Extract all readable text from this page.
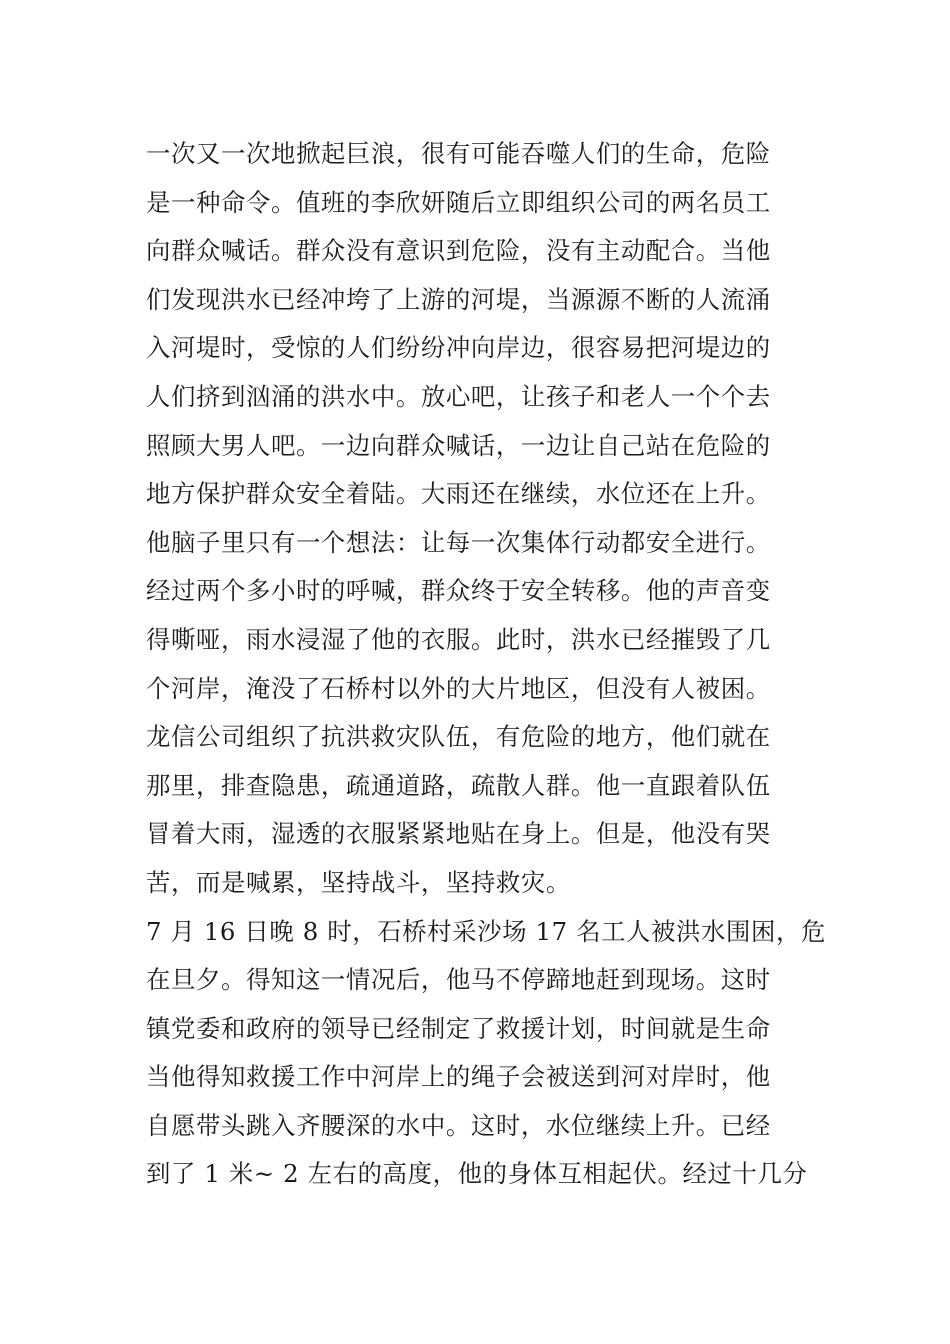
一次又一次地掀起巨浪，很有可能吞噬人们的生命，危险
是一种命令。值班的李欣妍随后立即组织公司的两名员工
向群众喊话。群众没有意识到危险，没有主动配合。当他
们发现洪水已经冲垮了上游的河堤，当源源不断的人流涌
入河堤时，受惊的人们纷纷冲向岸边，很容易把河堤边的
人们挤到汹涌的洪水中。放心吧，让孩子和老人一个个去
照顾大男人吧。一边向群众喊话，一边让自己站在危险的
地方保护群众安全着陆。大雨还在继续，水位还在上升。
他脑子里只有一个想法：让每一次集体行动都安全进行。
经过两个多小时的呼喊，群众终于安全转移。他的声音变
得嘶哑，雨水浸湿了他的衣服。此时，洪水已经摧毁了几
个河岸，淹没了石桥村以外的大片地区，但没有人被困。
龙信公司组织了抗洪救灾队伍，有危险的地方，他们就在
那里，排查隐患，疏通道路，疏散人群。他一直跟着队伍
冒着大雨，湿透的衣服紧紧地贴在身上。但是，他没有哭
苦，而是喊累，坚持战斗，坚持救灾。
7 月 16 日晚 8 时，石桥村采沙场 17 名工人被洪水围困，危
在旦夕。得知这一情况后，他马不停蹄地赶到现场。这时
镇党委和政府的领导已经制定了救援计划，时间就是生命
当他得知救援工作中河岸上的绳子会被送到河对岸时，他
自愿带头跳入齐腰深的水中。这时，水位继续上升。已经
到了 1 米~ 2 左右的高度，他的身体互相起伏。经过十几分
